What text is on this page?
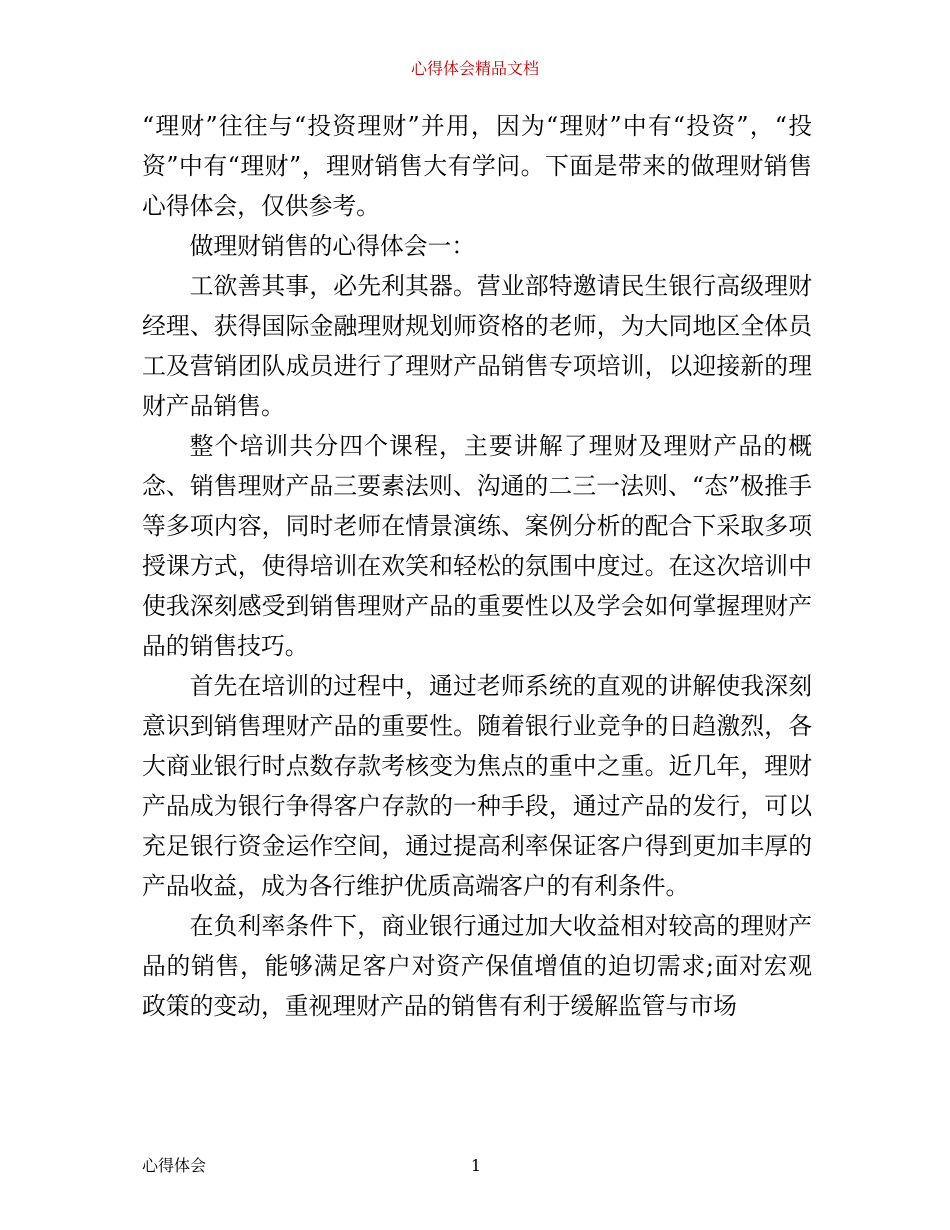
心得体会精品文档

“理财”往往与“投资理财”并用，因为“理财”中有“投资”，“投资”中有“理财”，理财销售大有学问。下面是带来的做理财销售心得体会，仅供参考。

做理财销售的心得体会一：

工欲善其事，必先利其器。营业部特邀请民生银行高级理财经理、获得国际金融理财规划师资格的老师，为大同地区全体员工及营销团队成员进行了理财产品销售专项培训，以迎接新的理财产品销售。

整个培训共分四个课程，主要讲解了理财及理财产品的概念、销售理财产品三要素法则、沟通的二三一法则、“态”极推手等多项内容，同时老师在情景演练、案例分析的配合下采取多项授课方式，使得培训在欢笑和轻松的氛围中度过。在这次培训中使我深刻感受到销售理财产品的重要性以及学会如何掌握理财产品的销售技巧。

首先在培训的过程中，通过老师系统的直观的讲解使我深刻意识到销售理财产品的重要性。随着银行业竞争的日趋激烈，各大商业银行时点数存款考核变为焦点的重中之重。近几年，理财产品成为银行争得客户存款的一种手段，通过产品的发行，可以充足银行资金运作空间，通过提高利率保证客户得到更加丰厚的产品收益，成为各行维护优质高端客户的有利条件。

在负利率条件下，商业银行通过加大收益相对较高的理财产品的销售，能够满足客户对资产保值增值的迫切需求;面对宏观政策的变动，重视理财产品的销售有利于缓解监管与市场

心得体会	1
